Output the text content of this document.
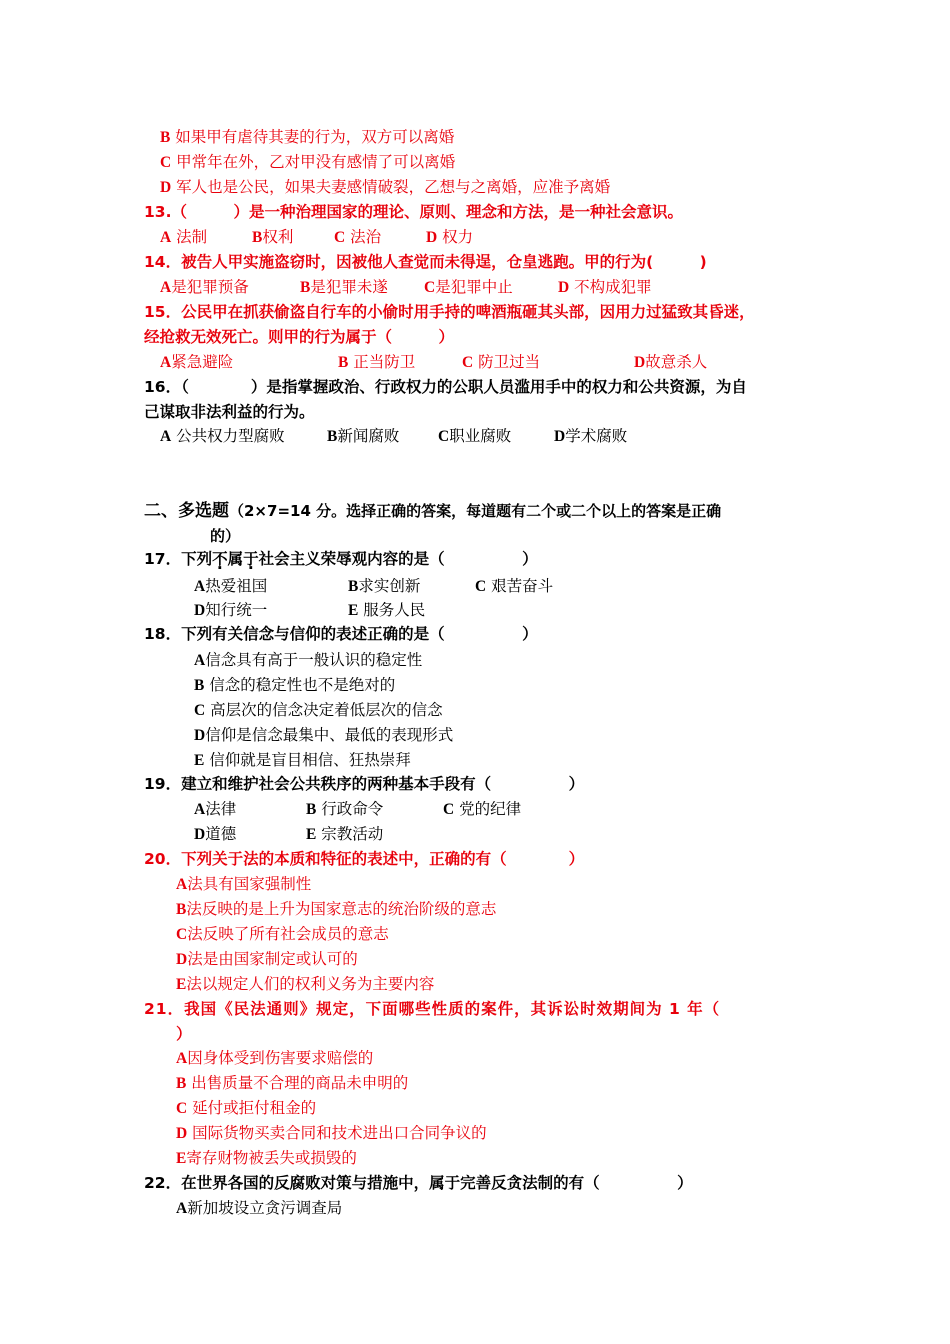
B 如果甲有虐待其妻的行为，双方可以离婚
C 甲常年在外，乙对甲没有感情了可以离婚
D 军人也是公民，如果夫妻感情破裂，乙想与之离婚，应准予离婚
13.（　　　）是一种治理国家的理论、原则、理念和方法，是一种社会意识。
A 法制	B权利	C 法治	D 权力
14．被告人甲实施盗窃时，因被他人查觉而未得逞，仓皇逃跑。甲的行为(　　　)
A是犯罪预备	B是犯罪未遂 C是犯罪中止	D 不构成犯罪
15．公民甲在抓获偷盗自行车的小偷时用手持的啤酒瓶砸其头部，因用力过猛致其昏迷，
经抢救无效死亡。则甲的行为属于（　　　）
A紧急避险	B 正当防卫	C 防卫过当	D故意杀人
16．（　　　　）是指掌握政治、行政权力的公职人员滥用手中的权力和公共资源，为自
己谋取非法利益的行为。
A 公共权力型腐败	B新闻腐败 C职业腐败	D学术腐败
二、多选题（2×7=14 分。选择正确的答案，每道题有二个或二个以上的答案是正确
的）
17．下列不属于社会主义荣辱观内容的是（　　　　　）
A热爱祖国	B求实创新	C 艰苦奋斗
D知行统一	E 服务人民
18．下列有关信念与信仰的表述正确的是（　　　　　）
A信念具有高于一般认识的稳定性
B 信念的稳定性也不是绝对的
C 高层次的信念决定着低层次的信念
D信仰是信念最集中、最低的表现形式
E 信仰就是盲目相信、狂热崇拜
19．建立和维护社会公共秩序的两种基本手段有（　　　　　）
A法律	B 行政命令	C 党的纪律
D道德	E 宗教活动
20．下列关于法的本质和特征的表述中，正确的有（　　　　）
A法具有国家强制性
B法反映的是上升为国家意志的统治阶级的意志
C法反映了所有社会成员的意志
D法是由国家制定或认可的
E法以规定人们的权利义务为主要内容
21．我国《民法通则》规定，下面哪些性质的案件，其诉讼时效期间为 1 年（
）
A因身体受到伤害要求赔偿的
B 出售质量不合理的商品未申明的
C 延付或拒付租金的
D 国际货物买卖合同和技术进出口合同争议的
E寄存财物被丢失或损毁的
22．在世界各国的反腐败对策与措施中，属于完善反贪法制的有（　　　　　）
A新加坡设立贪污调查局
